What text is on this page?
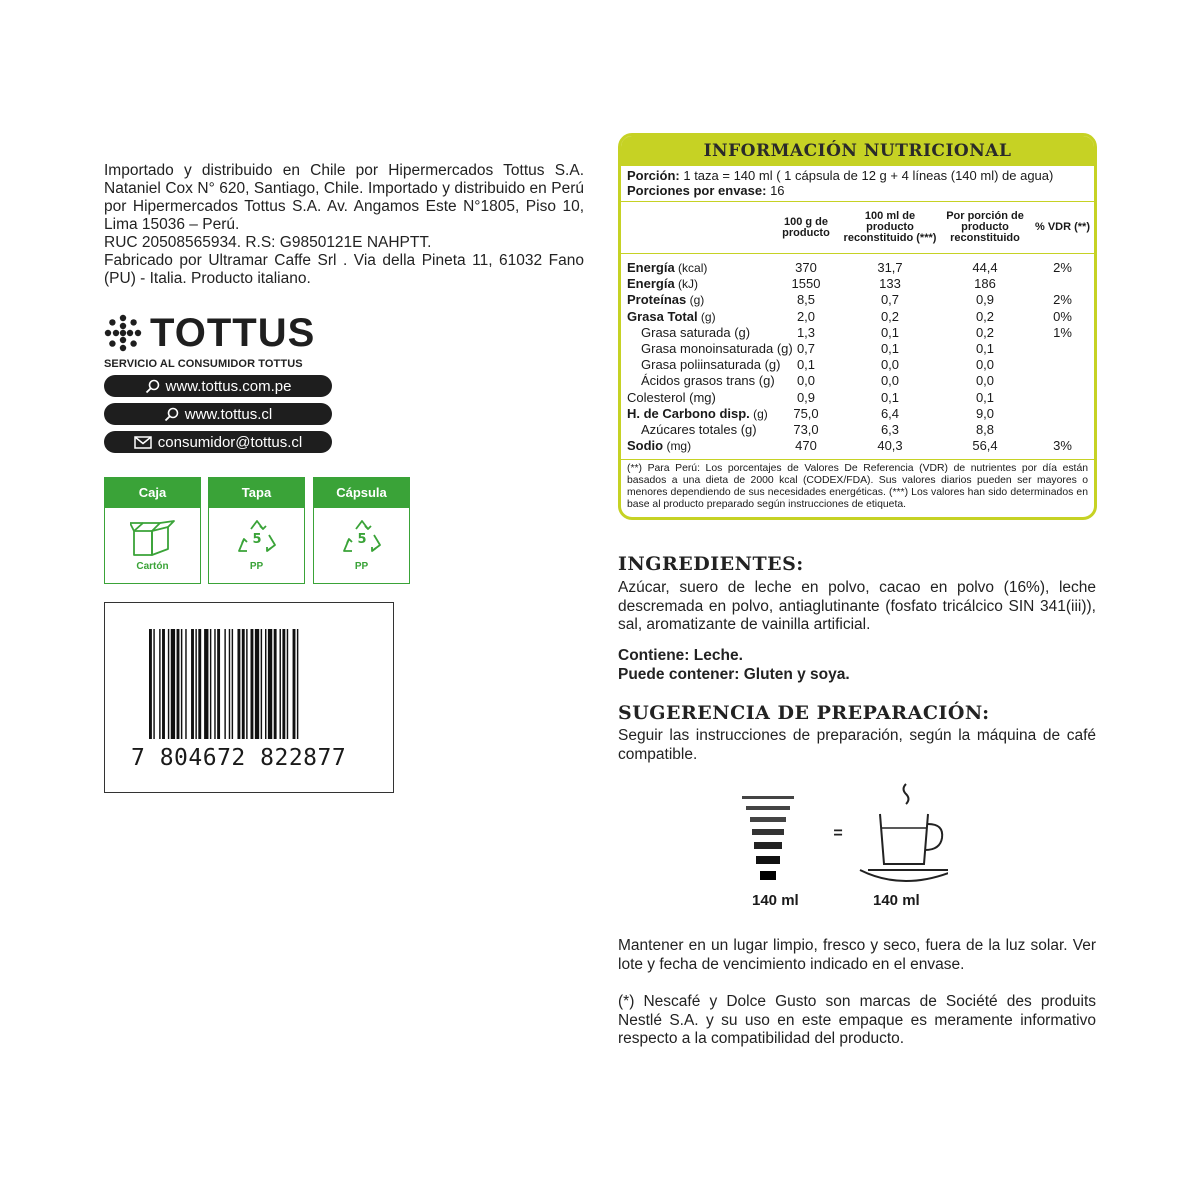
Importado y distribuido en Chile por Hipermercados Tottus S.A. Nataniel Cox N° 620, Santiago, Chile. Importado y distribuido en Perú por Hipermercados Tottus S.A. Av. Angamos Este N°1805, Piso 10, Lima 15036 – Perú.

RUC 20508565934. R.S: G9850121E NAHPTT.

Fabricado por Ultramar Caffe Srl . Via della Pineta 11, 61032 Fano (PU) - Italia. Producto italiano.

TOTTUS
SERVICIO AL CONSUMIDOR TOTTUS
www.tottus.com.pe
www.tottus.cl
consumidor@tottus.cl
Caja
Cartón
Tapa
5
PP
Cápsula
5
PP
7 804672 822877
INFORMACIÓN NUTRICIONAL
Porción: 1 taza = 140 ml ( 1 cápsula de 12 g + 4 líneas (140 ml) de agua)
Porciones por envase: 16
100 g de producto
100 ml de producto reconstituido (***)
Por porción de producto reconstituido
% VDR (**)
Energía (kcal)	370	31,7	44,4	2%
Energía (kJ)	1550	133	186
Proteínas (g)	8,5	0,7	0,9	2%
Grasa Total (g)	2,0	0,2	0,2	0%
Grasa saturada (g)	1,3	0,1	0,2	1%
Grasa monoinsaturada (g) 0,7	0,1	0,1
Grasa poliinsaturada (g)	0,1	0,0	0,0
Ácidos grasos trans (g)	0,0	0,0	0,0
Colesterol (mg)	0,9	0,1	0,1
H. de Carbono disp. (g)	75,0	6,4	9,0
Azúcares totales (g)	73,0	6,3	8,8
Sodio (mg)	470	40,3	56,4	3%
(**) Para Perú: Los porcentajes de Valores De Referencia (VDR) de nutrientes por día están basados a una dieta de 2000 kcal (CODEX/FDA). Sus valores diarios pueden ser mayores o menores dependiendo de sus necesidades energéticas. (***) Los valores han sido determinados en base al producto preparado según instrucciones de etiqueta.
INGREDIENTES:
Azúcar, suero de leche en polvo, cacao en polvo (16%), leche descremada en polvo, antiaglutinante (fosfato tricálcico SIN 341(iii)), sal, aromatizante de vainilla artificial.
Contiene: Leche.
Puede contener: Gluten y soya.
SUGERENCIA DE PREPARACIÓN:
Seguir las instrucciones de preparación, según la máquina de café compatible.
=
140 ml	140 ml
Mantener en un lugar limpio, fresco y seco, fuera de la luz solar. Ver lote y fecha de vencimiento indicado en el envase.
(*) Nescafé y Dolce Gusto son marcas de Société des produits Nestlé S.A. y su uso en este empaque es meramente informativo respecto a la compatibilidad del producto.
